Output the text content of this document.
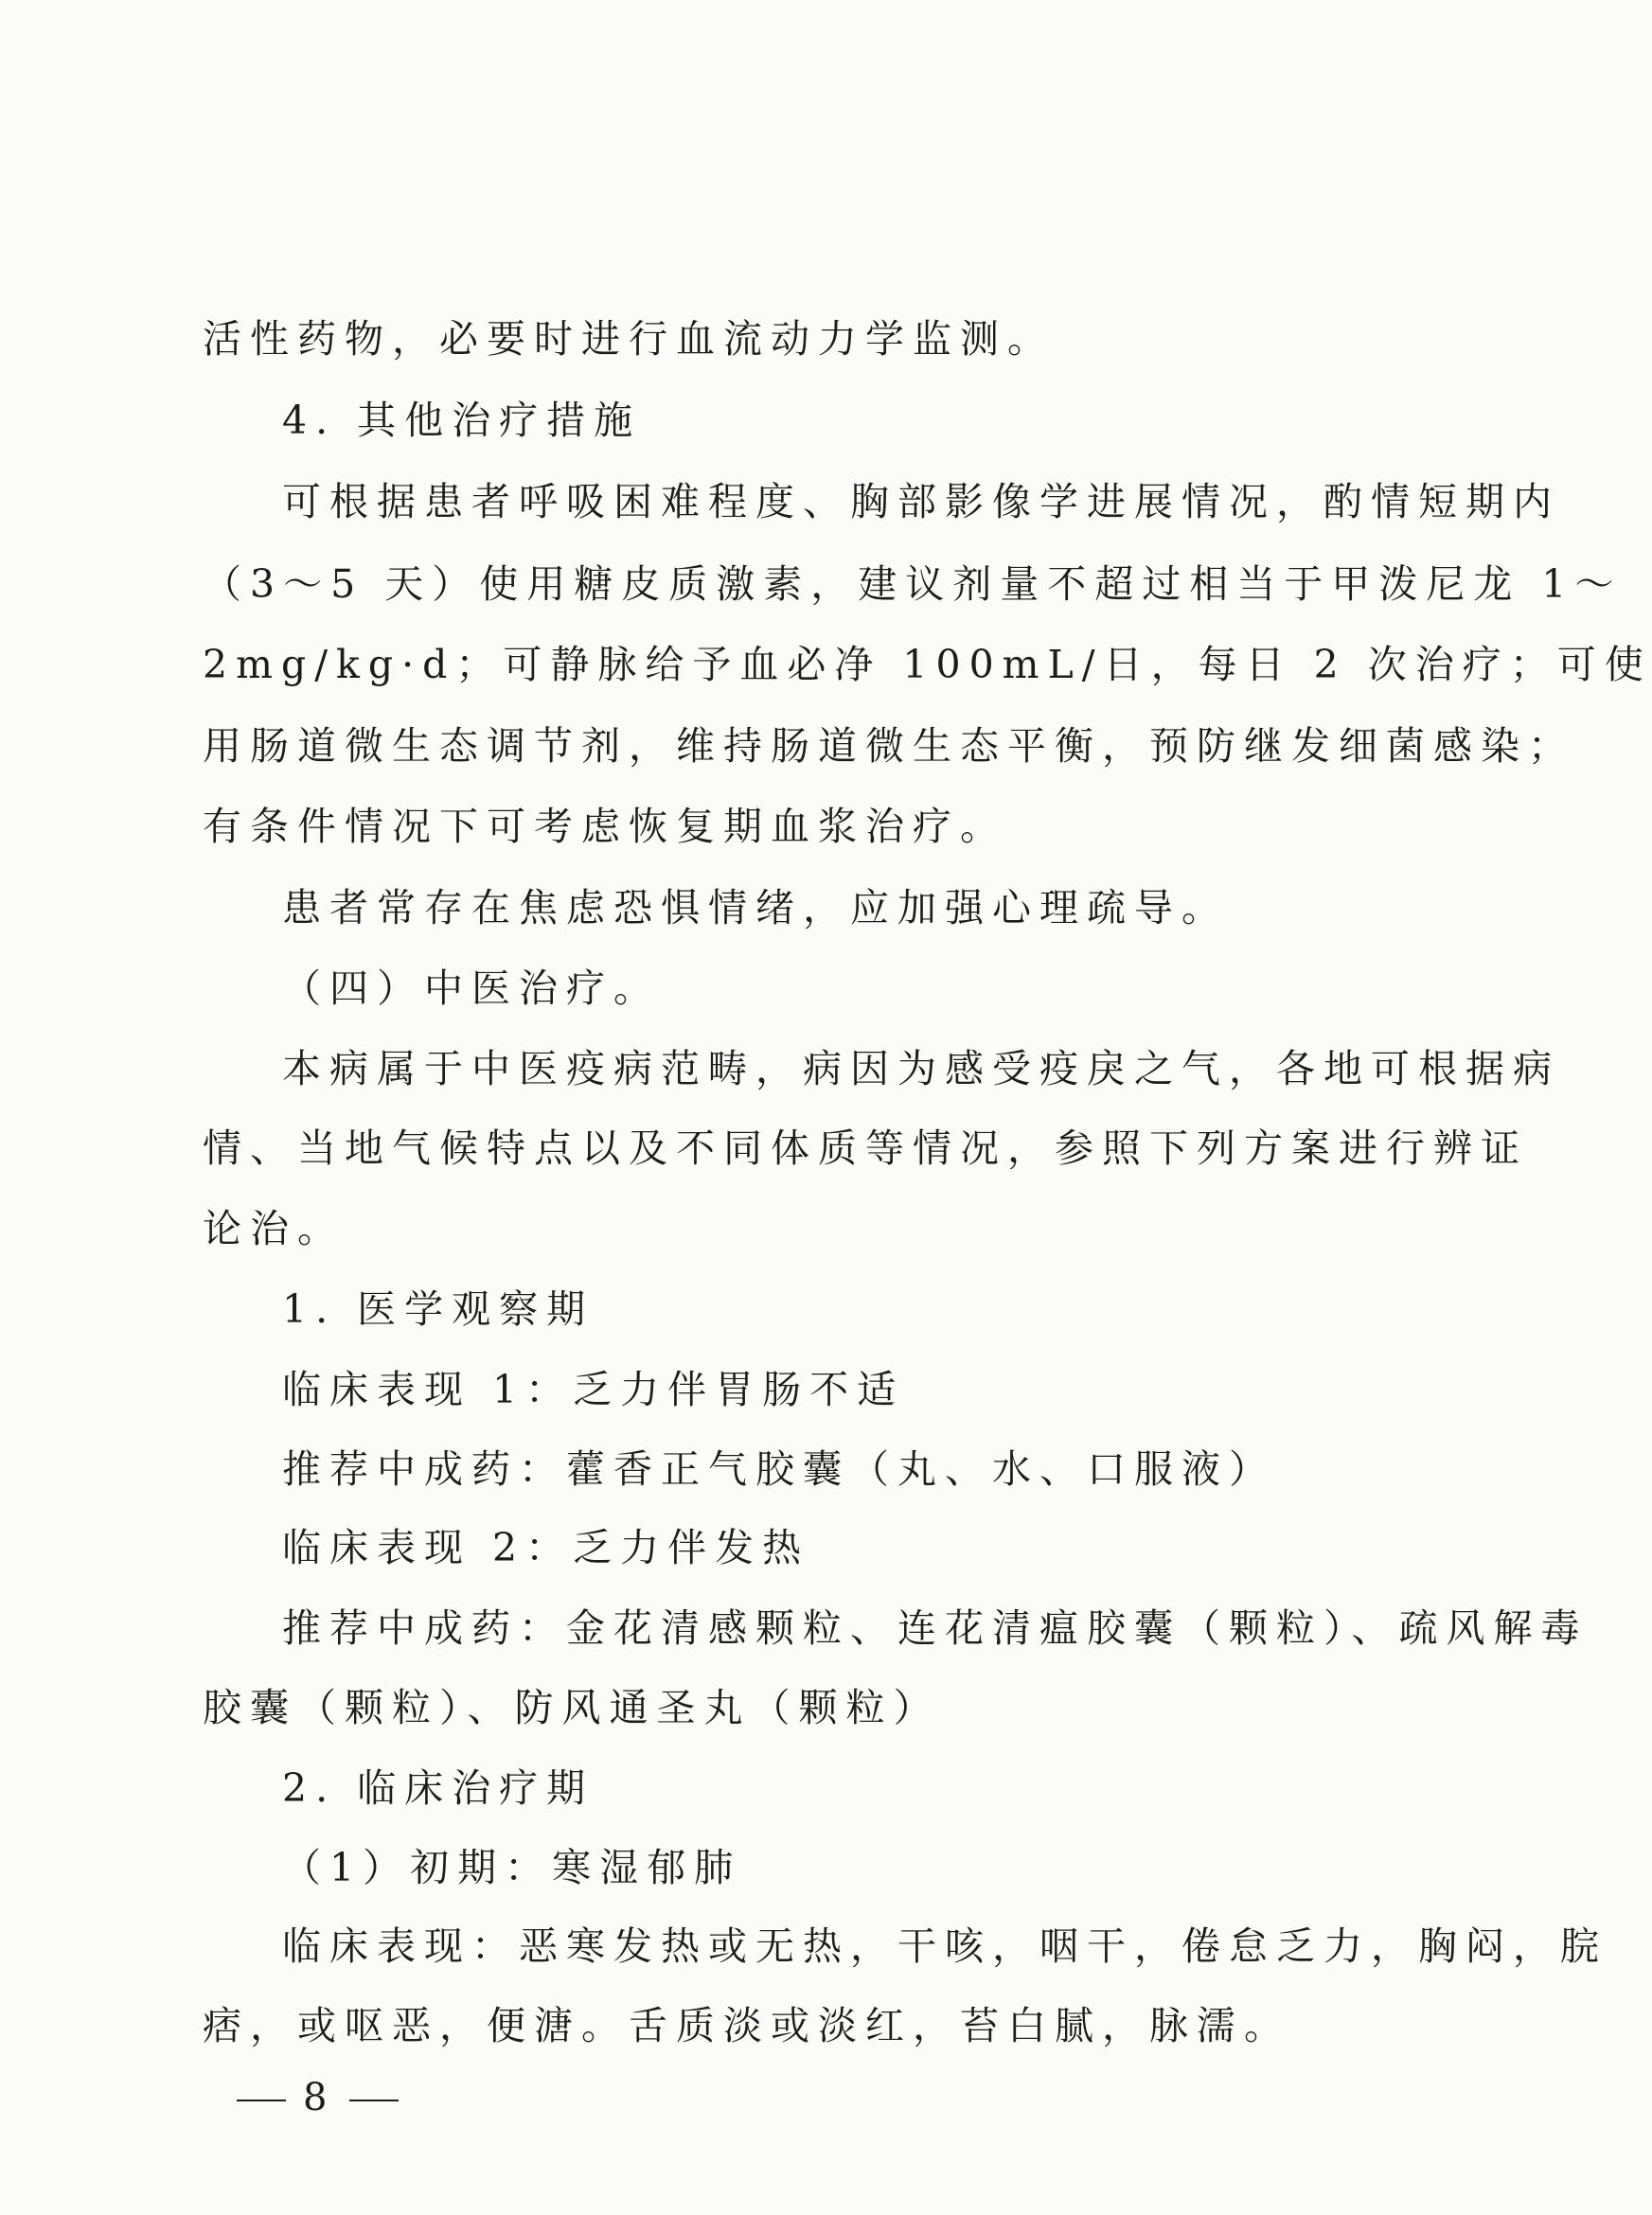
活性药物，必要时进行血流动力学监测。
4. 其他治疗措施
可根据患者呼吸困难程度、胸部影像学进展情况，酌情短期内
（3～5 天）使用糖皮质激素，建议剂量不超过相当于甲泼尼龙 1～
2mg/kg·d；可静脉给予血必净 100mL/日，每日 2 次治疗；可使
用肠道微生态调节剂，维持肠道微生态平衡，预防继发细菌感染；
有条件情况下可考虑恢复期血浆治疗。
患者常存在焦虑恐惧情绪，应加强心理疏导。
（四）中医治疗。
本病属于中医疫病范畴，病因为感受疫戾之气，各地可根据病
情、当地气候特点以及不同体质等情况，参照下列方案进行辨证
论治。
1. 医学观察期
临床表现 1：乏力伴胃肠不适
推荐中成药：藿香正气胶囊（丸、水、口服液）
临床表现 2：乏力伴发热
推荐中成药：金花清感颗粒、连花清瘟胶囊（颗粒）、疏风解毒
胶囊（颗粒）、防风通圣丸（颗粒）
2. 临床治疗期
（1）初期：寒湿郁肺
临床表现：恶寒发热或无热，干咳，咽干，倦怠乏力，胸闷，脘
痞，或呕恶，便溏。舌质淡或淡红，苔白腻，脉濡。
8
